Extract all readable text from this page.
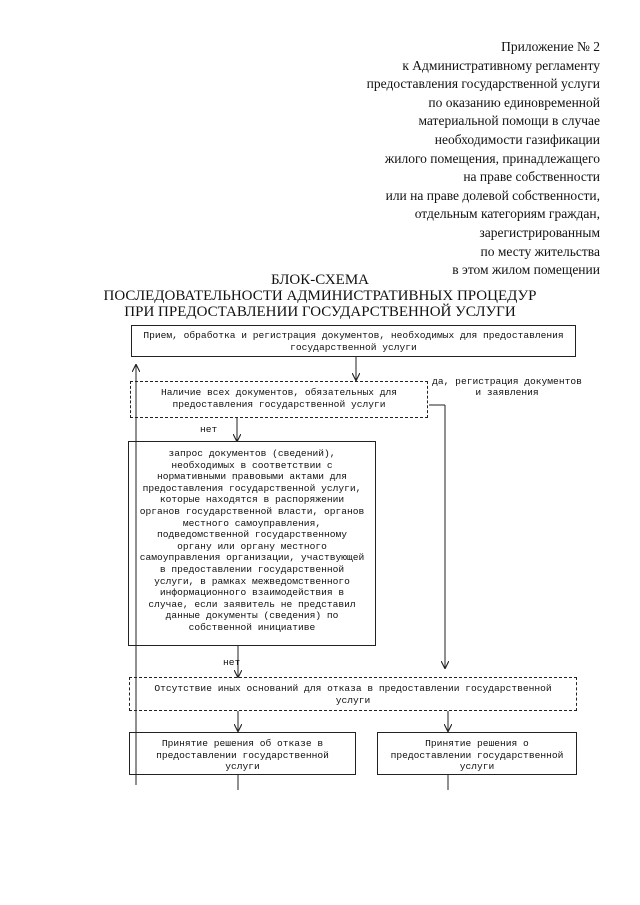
Приложение № 2
к Административному регламенту
предоставления государственной услуги
по оказанию единовременной
материальной помощи в случае
необходимости газификации
жилого помещения, принадлежащего
на праве собственности
или на праве долевой собственности,
отдельным категориям граждан,
зарегистрированным
по месту жительства
в этом жилом помещении
БЛОК-СХЕМА
ПОСЛЕДОВАТЕЛЬНОСТИ АДМИНИСТРАТИВНЫХ ПРОЦЕДУР
ПРИ ПРЕДОСТАВЛЕНИИ ГОСУДАРСТВЕННОЙ УСЛУГИ
Прием, обработка и регистрация документов, необходимых для предоставления государственной услуги
Наличие всех документов, обязательных для предоставления государственной услуги
да, регистрация документов и заявления
нет
запрос документов (сведений), необходимых в соответствии с нормативными правовыми актами для предоставления государственной услуги, которые находятся в распоряжении органов государственной власти, органов местного самоуправления, подведомственной государственному органу или органу местного самоуправления организации, участвующей в предоставлении государственной услуги, в рамках межведомственного информационного взаимодействия в случае, если заявитель не представил данные документы (сведения) по собственной инициативе
нет
Отсутствие иных оснований для отказа в предоставлении государственной услуги
Принятие решения об отказе в предоставлении государственной услуги
Принятие решения о предоставлении государственной услуги
